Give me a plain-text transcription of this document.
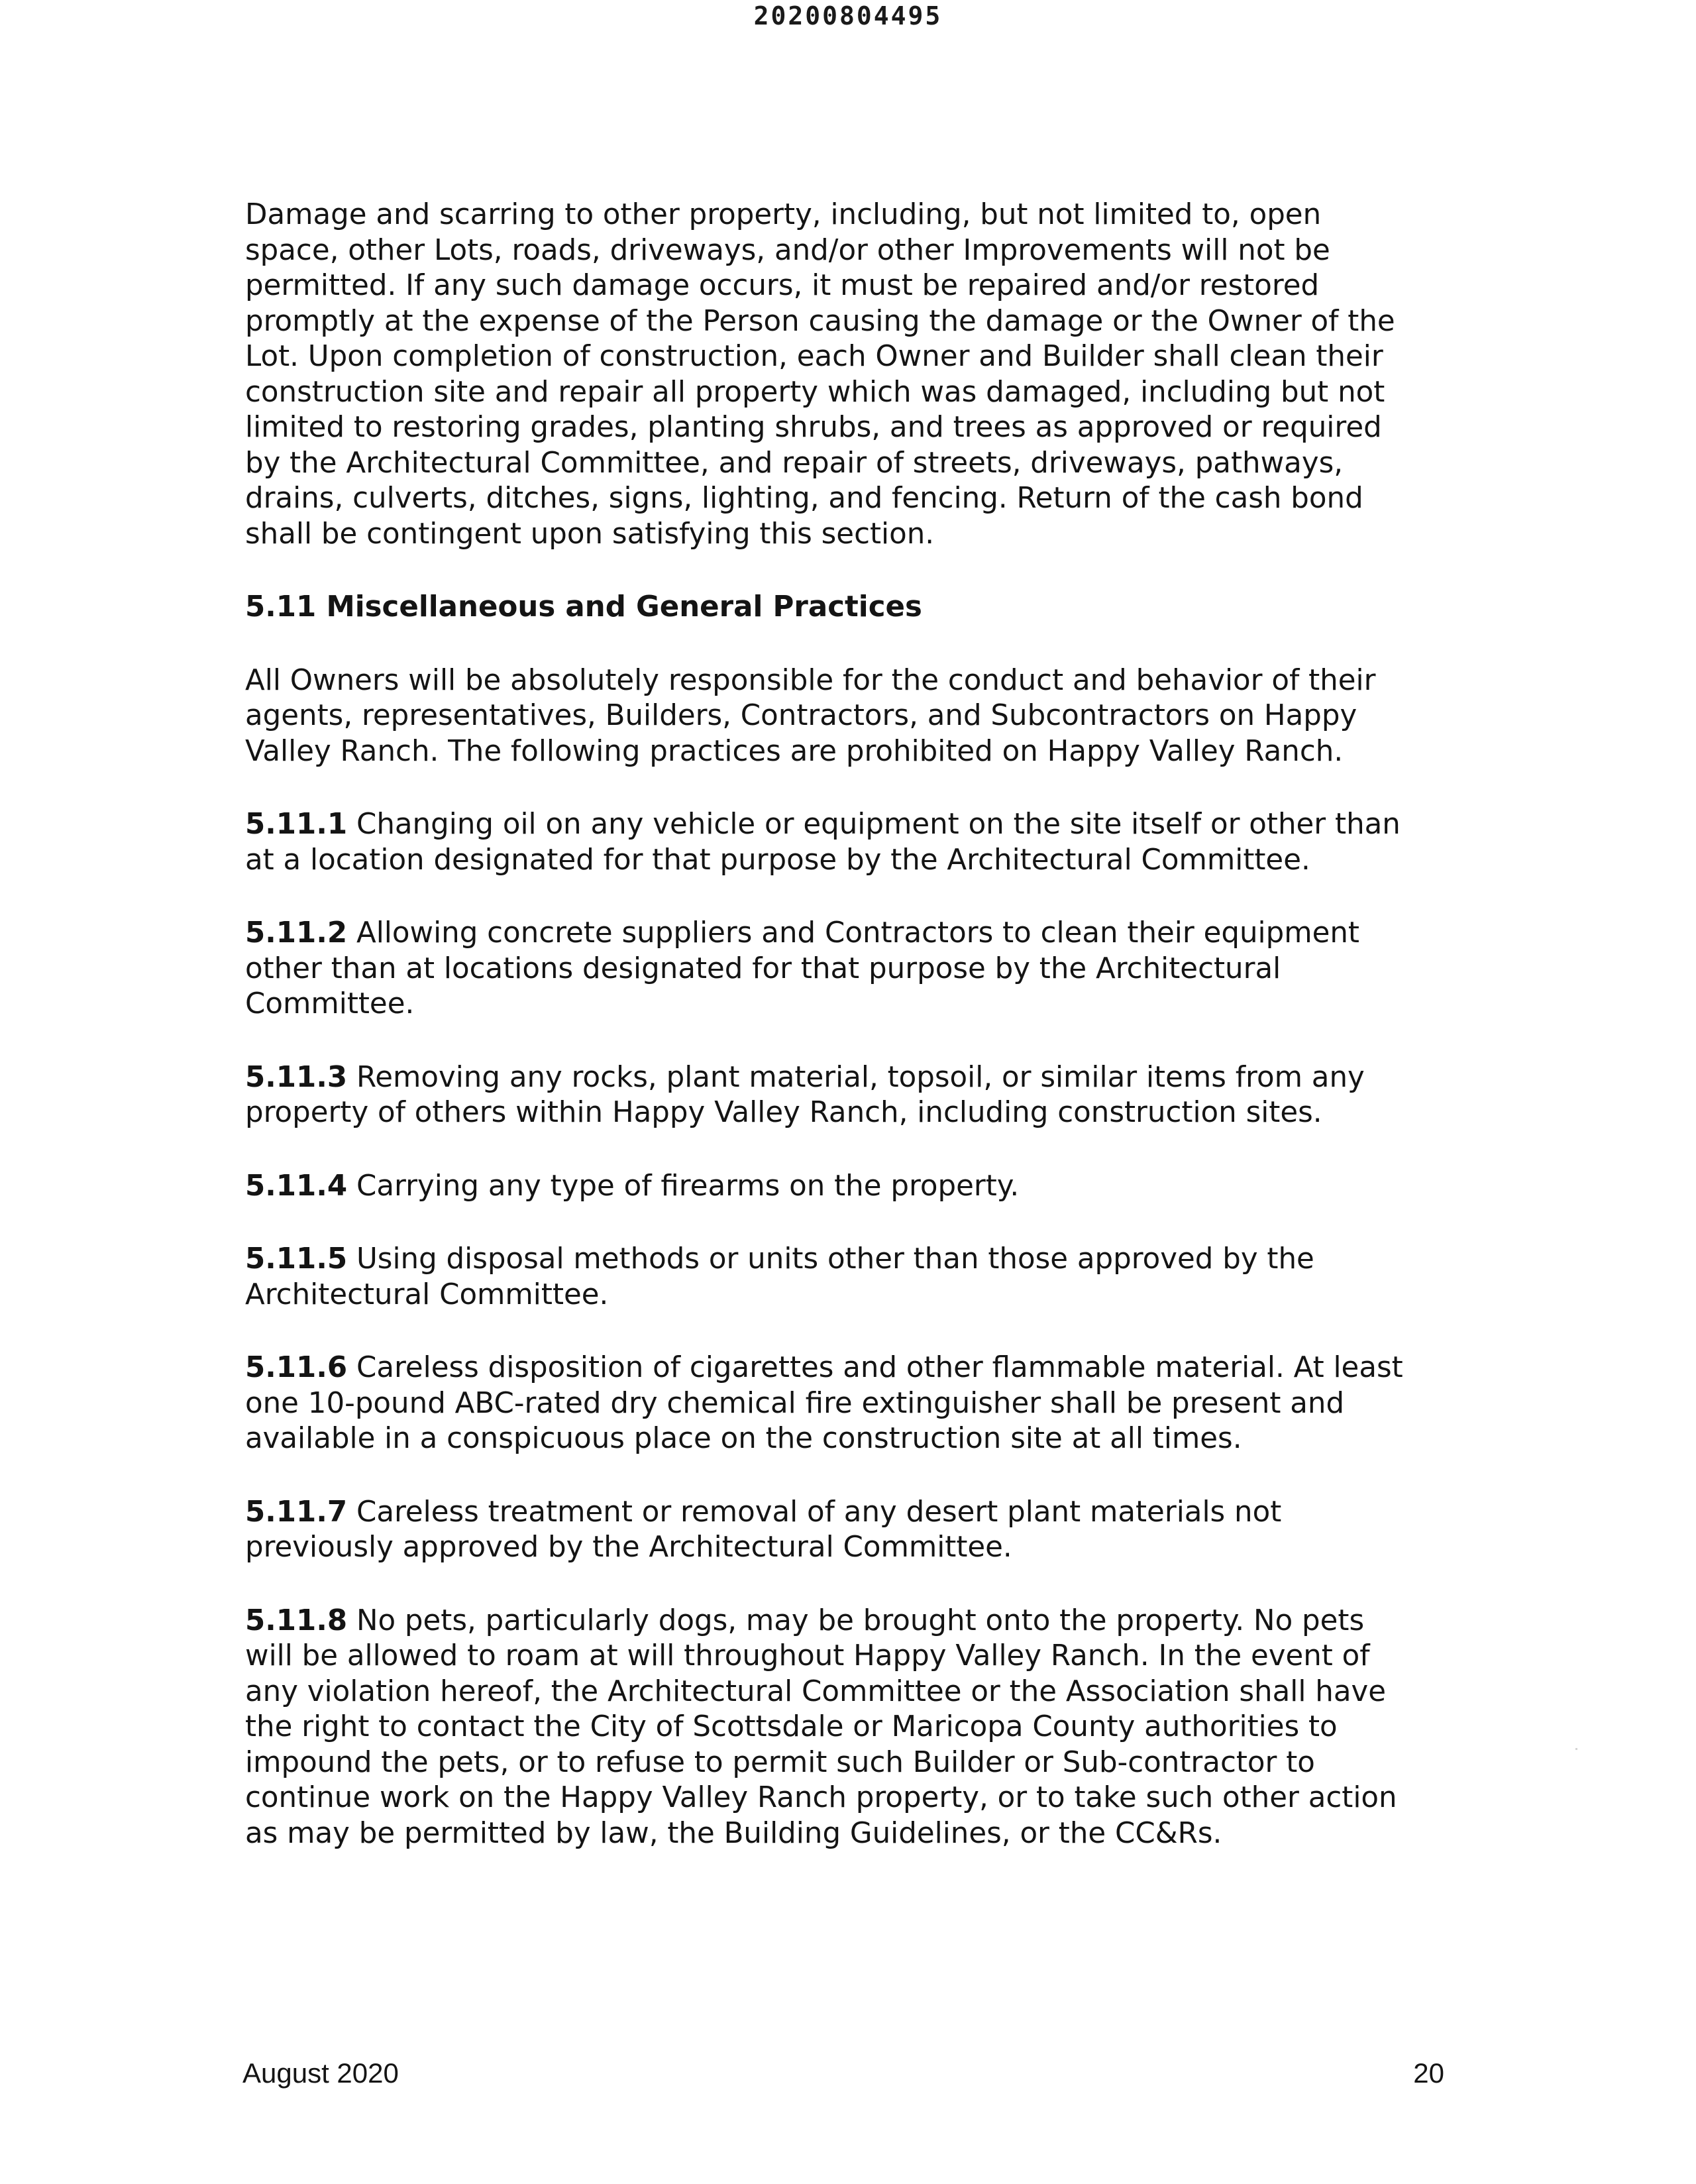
20200804495

Damage and scarring to other property, including, but not limited to, open
space, other Lots, roads, driveways, and/or other Improvements will not be
permitted. If any such damage occurs, it must be repaired and/or restored
promptly at the expense of the Person causing the damage or the Owner of the
Lot. Upon completion of construction, each Owner and Builder shall clean their
construction site and repair all property which was damaged, including but not
limited to restoring grades, planting shrubs, and trees as approved or required
by the Architectural Committee, and repair of streets, driveways, pathways,
drains, culverts, ditches, signs, lighting, and fencing. Return of the cash bond
shall be contingent upon satisfying this section.

5.11 Miscellaneous and General Practices

All Owners will be absolutely responsible for the conduct and behavior of their
agents, representatives, Builders, Contractors, and Subcontractors on Happy
Valley Ranch. The following practices are prohibited on Happy Valley Ranch.

5.11.1 Changing oil on any vehicle or equipment on the site itself or other than
at a location designated for that purpose by the Architectural Committee.

5.11.2 Allowing concrete suppliers and Contractors to clean their equipment
other than at locations designated for that purpose by the Architectural
Committee.

5.11.3 Removing any rocks, plant material, topsoil, or similar items from any
property of others within Happy Valley Ranch, including construction sites.

5.11.4 Carrying any type of firearms on the property.

5.11.5 Using disposal methods or units other than those approved by the
Architectural Committee.

5.11.6 Careless disposition of cigarettes and other flammable material. At least
one 10-pound ABC-rated dry chemical fire extinguisher shall be present and
available in a conspicuous place on the construction site at all times.

5.11.7 Careless treatment or removal of any desert plant materials not
previously approved by the Architectural Committee.

5.11.8 No pets, particularly dogs, may be brought onto the property. No pets
will be allowed to roam at will throughout Happy Valley Ranch. In the event of
any violation hereof, the Architectural Committee or the Association shall have
the right to contact the City of Scottsdale or Maricopa County authorities to
impound the pets, or to refuse to permit such Builder or Sub-contractor to
continue work on the Happy Valley Ranch property, or to take such other action
as may be permitted by law, the Building Guidelines, or the CC&Rs.

August 2020	20
